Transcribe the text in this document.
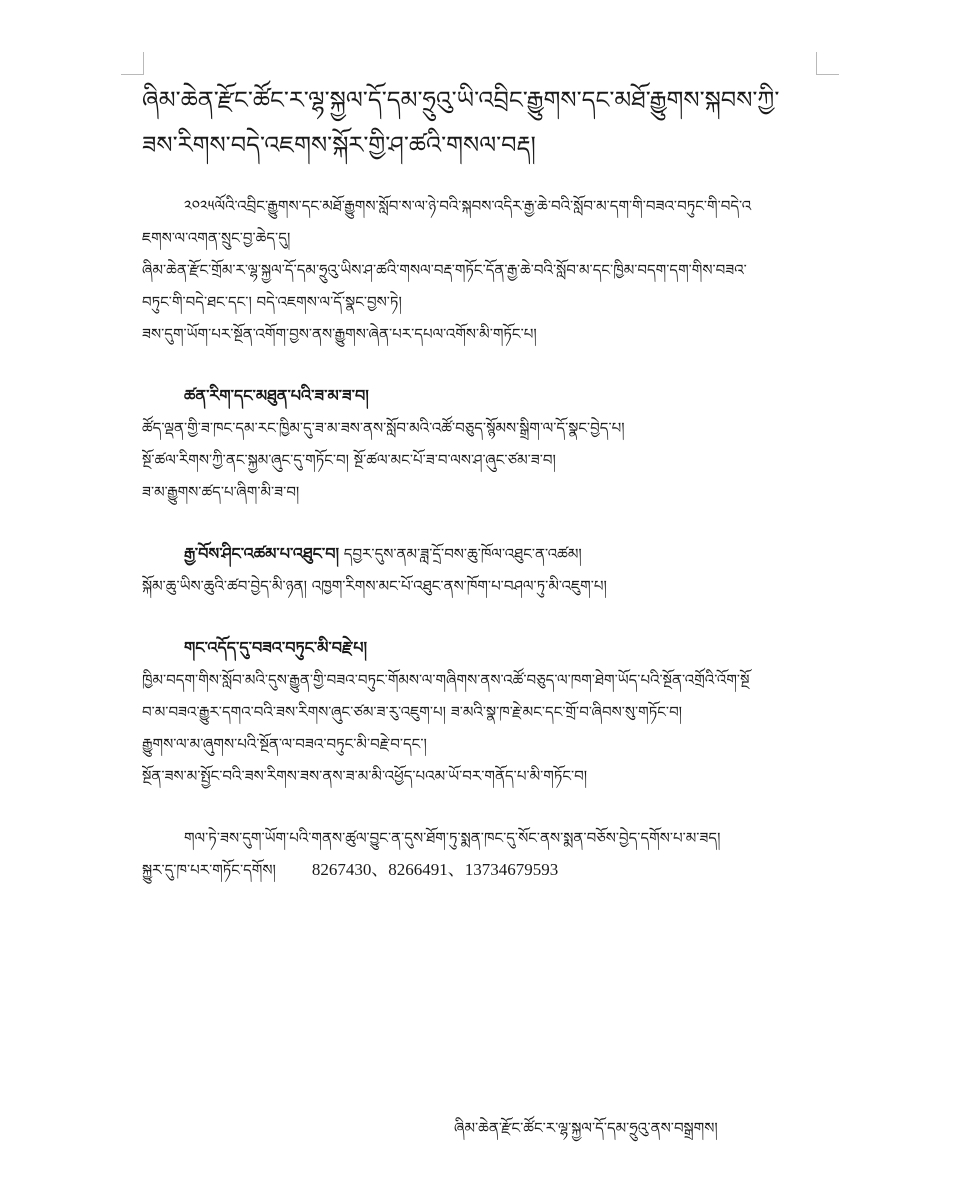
ཞིམ་ཆེན་རྫོང་ཚོང་ར་ལྷ་སྐྱལ་དོ་དམ་ཧྲུའུ་ཡི་འབྲིང་རྒྱུགས་དང་མཐོ་རྒྱུགས་སྐབས་ཀྱི་
ཟས་རིགས་བདེ་འཇགས་སྐོར་གྱི་ཤ་ཚའི་གསལ་བརྡ།
༢༠༢༥ལོའི་འབྲིང་རྒྱུགས་དང་མཐོ་རྒྱུགས་སློབ་ས་ལ་ཉེ་བའི་སྐབས་འདིར་རྒྱ་ཆེ་བའི་སློབ་མ་དག་གི་བཟའ་བཏུང་གི་བདེ་འ
ཇགས་ལ་འགན་སྲུང་བྱ་ཆེད་དུ།
ཞིམ་ཆེན་རྫོང་གྲོམ་ར་ལྷ་སྐྱལ་དོ་དམ་ཧྲུའུ་ཡིས་ཤ་ཚའི་གསལ་བརྡ་གཏོང་དོན་རྒྱ་ཆེ་བའི་སློབ་མ་དང་ཁྱིམ་བདག་དག་གིས་བཟའ་
བཏུང་གི་བདེ་ཐང་དང་། བདེ་འཇགས་ལ་དོ་སྣང་བྱས་ཏེ།
ཟས་དུག་ཡོག་པར་སྔོན་འགོག་བྱས་ནས་རྒྱུགས་ཞེན་པར་དཔལ་འགོས་མི་གཏོང་པ།
ཚན་རིག་དང་མཐུན་པའི་ཟ་མ་ཟ་བ།
ཚོད་ལྡན་གྱི་ཟ་ཁང་དམ་རང་ཁྱིམ་དུ་ཟ་མ་ཟས་ནས་སློབ་མའི་འཚོ་བཅུད་སྙོམས་སྒྲིག་ལ་དོ་སྣང་བྱེད་པ།
སྔོ་ཚལ་རིགས་ཀྱི་ནང་སྐྱམ་ཞུང་དུ་གཏོང་བ། སྔོ་ཚལ་མང་པོ་ཟ་བ་ལས་ཤ་ཞུང་ཙམ་ཟ་བ།
ཟ་མ་རྒྱུགས་ཚད་པ་ཞིག་མི་ཟ་བ།
རྒྱ་བོས་ཤིང་འཚམ་པ་འཐུང་བ། དབྱར་དུས་ནམ་ཟླ་དྲོ་བས་ཆུ་ཁོལ་འཐུང་ན་འཚམ།
སྐོམ་ཆུ་ཡིས་ཆུའི་ཚབ་བྱེད་མི་ཉན། འཁྱག་རིགས་མང་པོ་འཐུང་ནས་ཁོག་པ་བཤལ་ཏུ་མི་འཇུག་པ།
གང་འདོད་དུ་བཟའ་བཏུང་མི་བརྗེ་པ།
ཁྱིམ་བདག་གིས་སློབ་མའི་དུས་རྒྱུན་གྱི་བཟའ་བཏུང་གོམས་ལ་གཞིགས་ནས་འཚོ་བཅུད་ལ་ཁག་ཐེག་ཡོད་པའི་སྔོན་འགྲོའི་འོག་སྔོ
བ་མ་བཟའ་རྒྱུར་དགའ་བའི་ཟས་རིགས་ཞུང་ཙམ་ཟ་རུ་འཇུག་པ། ཟ་མའི་སྣ་ཁ་རྗེ་མང་དང་གྲོ་བ་ཞིབས་སུ་གཏོང་བ།
རྒྱུགས་ལ་མ་ཞུགས་པའི་སྔོན་ལ་བཟའ་བཏུང་མི་བརྗེ་བ་དང་།
སྔོན་ཟས་མ་སྤྱོང་བའི་ཟས་རིགས་ཟས་ནས་ཟ་མ་མི་འཕྱོད་པའམ་ཡོ་བར་གནོད་པ་མི་གཏོང་བ།
གལ་ཏེ་ཟས་དུག་ཡོག་པའི་གནས་ཚུལ་བྱུང་ན་དུས་ཐོག་ཏུ་སྨན་ཁང་དུ་སོང་ནས་སྨན་བཅོས་བྱེད་དགོས་པ་མ་ཟད།
སྐྱུར་དུ་ཁ་པར་གཏོང་དགོས། 8267430、8266491、13734679593
ཞིམ་ཆེན་རྫོང་ཚོང་ར་ལྷ་སྐྱལ་དོ་དམ་ཧྲུའུ་ནས་བསྒྲགས།
